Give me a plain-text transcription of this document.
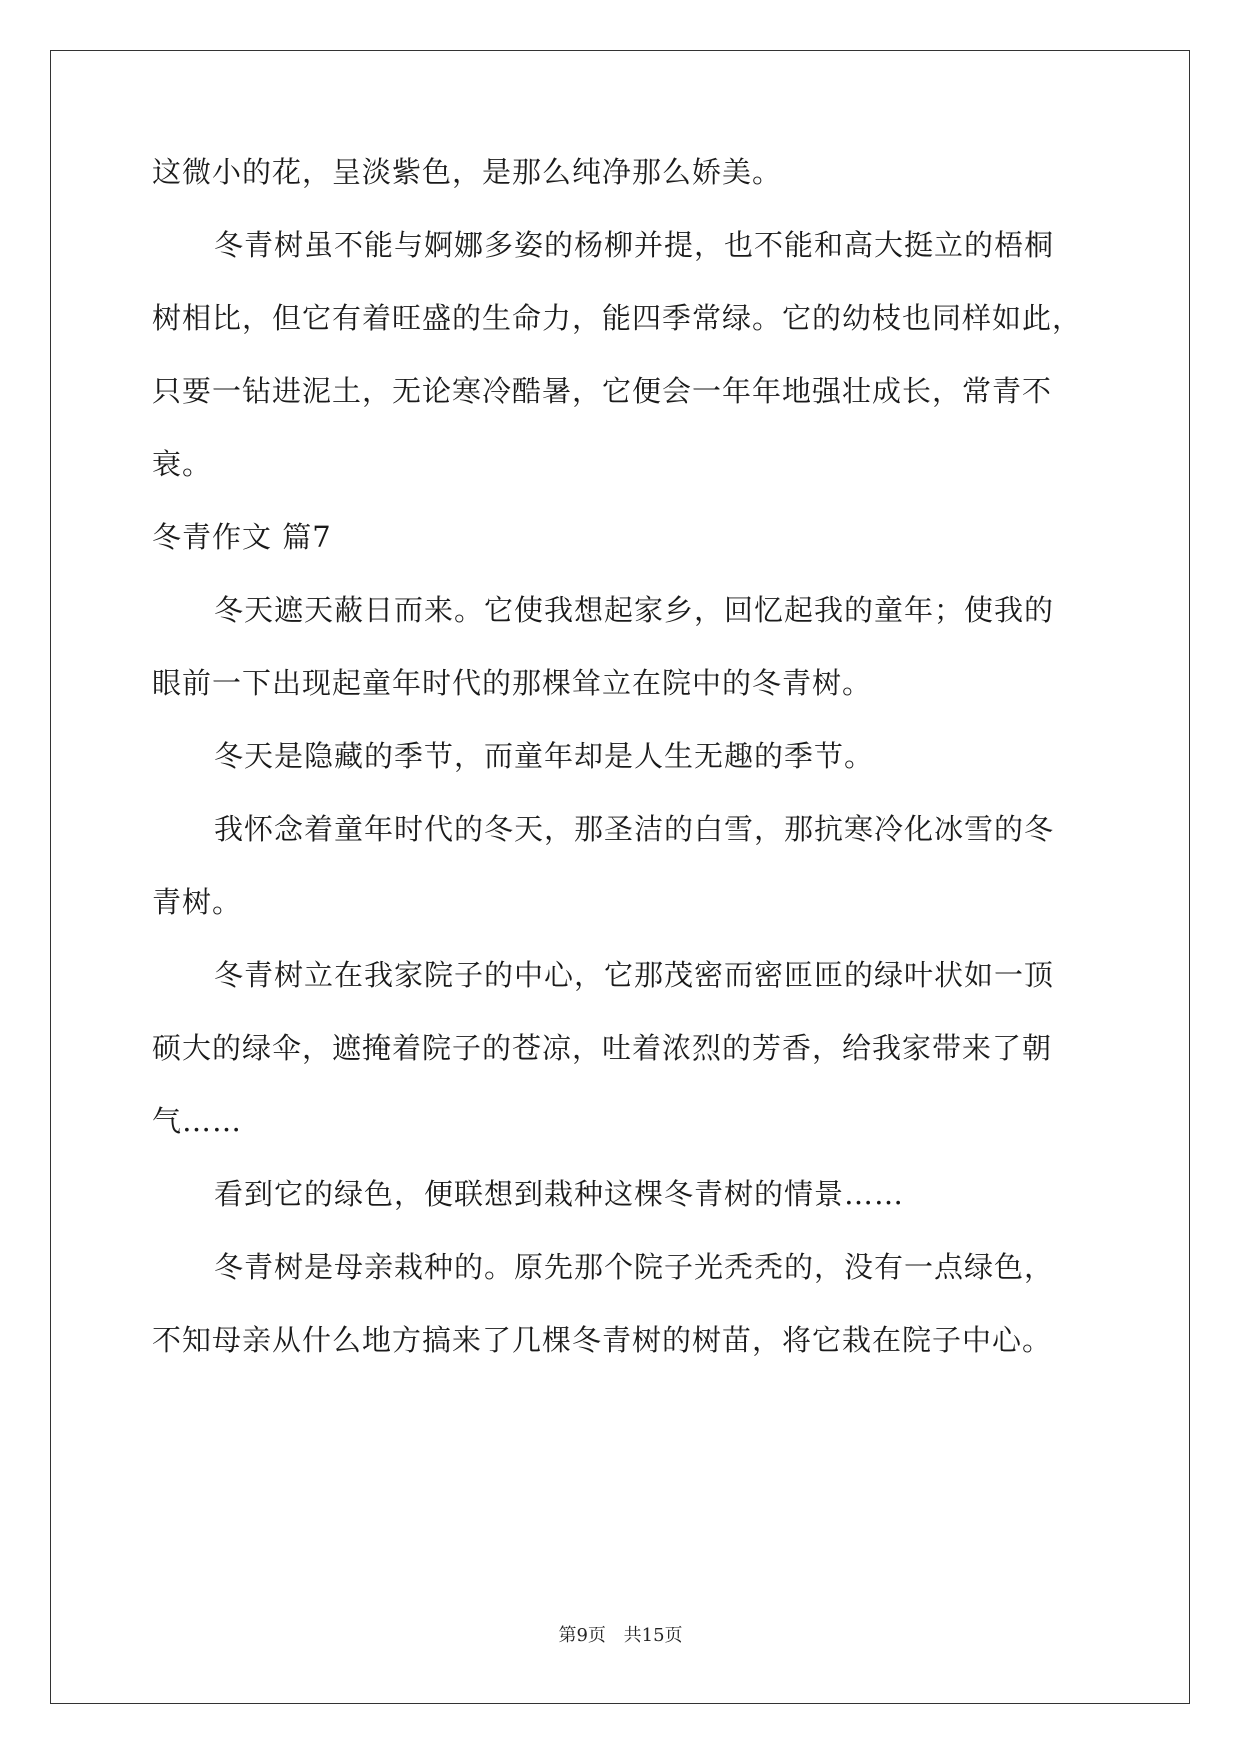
这微小的花，呈淡紫色，是那么纯净那么娇美。
冬青树虽不能与婀娜多姿的杨柳并提，也不能和高大挺立的梧桐
树相比，但它有着旺盛的生命力，能四季常绿。它的幼枝也同样如此，
只要一钻进泥土，无论寒冷酷暑，它便会一年年地强壮成长，常青不
衰。
冬青作文 篇7
冬天遮天蔽日而来。它使我想起家乡，回忆起我的童年；使我的
眼前一下出现起童年时代的那棵耸立在院中的冬青树。
冬天是隐藏的季节，而童年却是人生无趣的季节。
我怀念着童年时代的冬天，那圣洁的白雪，那抗寒冷化冰雪的冬
青树。
冬青树立在我家院子的中心，它那茂密而密匝匝的绿叶状如一顶
硕大的绿伞，遮掩着院子的苍凉，吐着浓烈的芳香，给我家带来了朝
气……
看到它的绿色，便联想到栽种这棵冬青树的情景……
冬青树是母亲栽种的。原先那个院子光秃秃的，没有一点绿色，
不知母亲从什么地方搞来了几棵冬青树的树苗，将它栽在院子中心。
第9页 共15页
